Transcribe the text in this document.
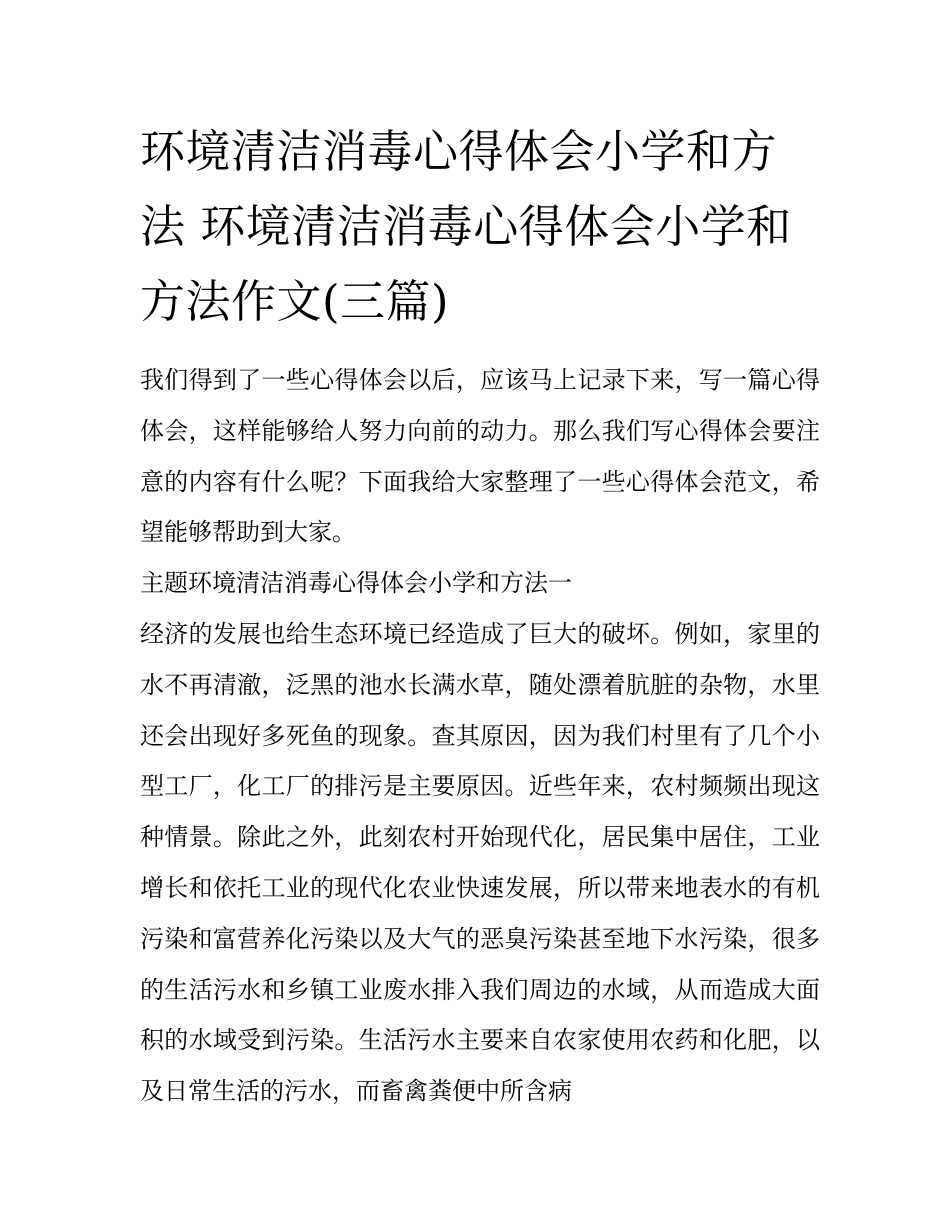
环境清洁消毒心得体会小学和方法 环境清洁消毒心得体会小学和方法作文(三篇)

我们得到了一些心得体会以后，应该马上记录下来，写一篇心得体会，这样能够给人努力向前的动力。那么我们写心得体会要注意的内容有什么呢？下面我给大家整理了一些心得体会范文，希望能够帮助到大家。

主题环境清洁消毒心得体会小学和方法一

经济的发展也给生态环境已经造成了巨大的破坏。例如，家里的水不再清澈，泛黑的池水长满水草，随处漂着肮脏的杂物，水里还会出现好多死鱼的现象。查其原因，因为我们村里有了几个小型工厂，化工厂的排污是主要原因。近些年来，农村频频出现这种情景。除此之外，此刻农村开始现代化，居民集中居住，工业增长和依托工业的现代化农业快速发展，所以带来地表水的有机污染和富营养化污染以及大气的恶臭污染甚至地下水污染，很多的生活污水和乡镇工业废水排入我们周边的水域，从而造成大面积的水域受到污染。生活污水主要来自农家使用农药和化肥，以及日常生活的污水，而畜禽粪便中所含病
